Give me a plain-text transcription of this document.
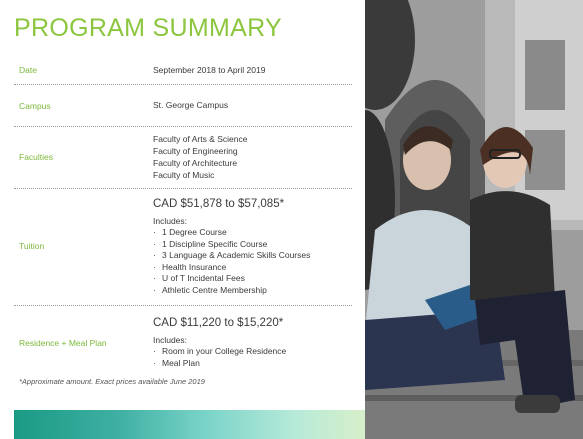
PROGRAM SUMMARY
Date	September 2018 to April 2019
Campus	St. George Campus
Faculties
Faculty of Arts & Science
Faculty of Engineering
Faculty of Architecture
Faculty of Music
Tuition
CAD $51,878 to $57,085*
Includes:
· 1 Degree Course
· 1 Discipline Specific Course
· 3 Language & Academic Skills Courses
· Health Insurance
· U of T Incidental Fees
· Athletic Centre Membership
Residence + Meal Plan
CAD $11,220 to $15,220*
Includes:
· Room in your College Residence
· Meal Plan
*Approximate amount. Exact prices available June 2019
